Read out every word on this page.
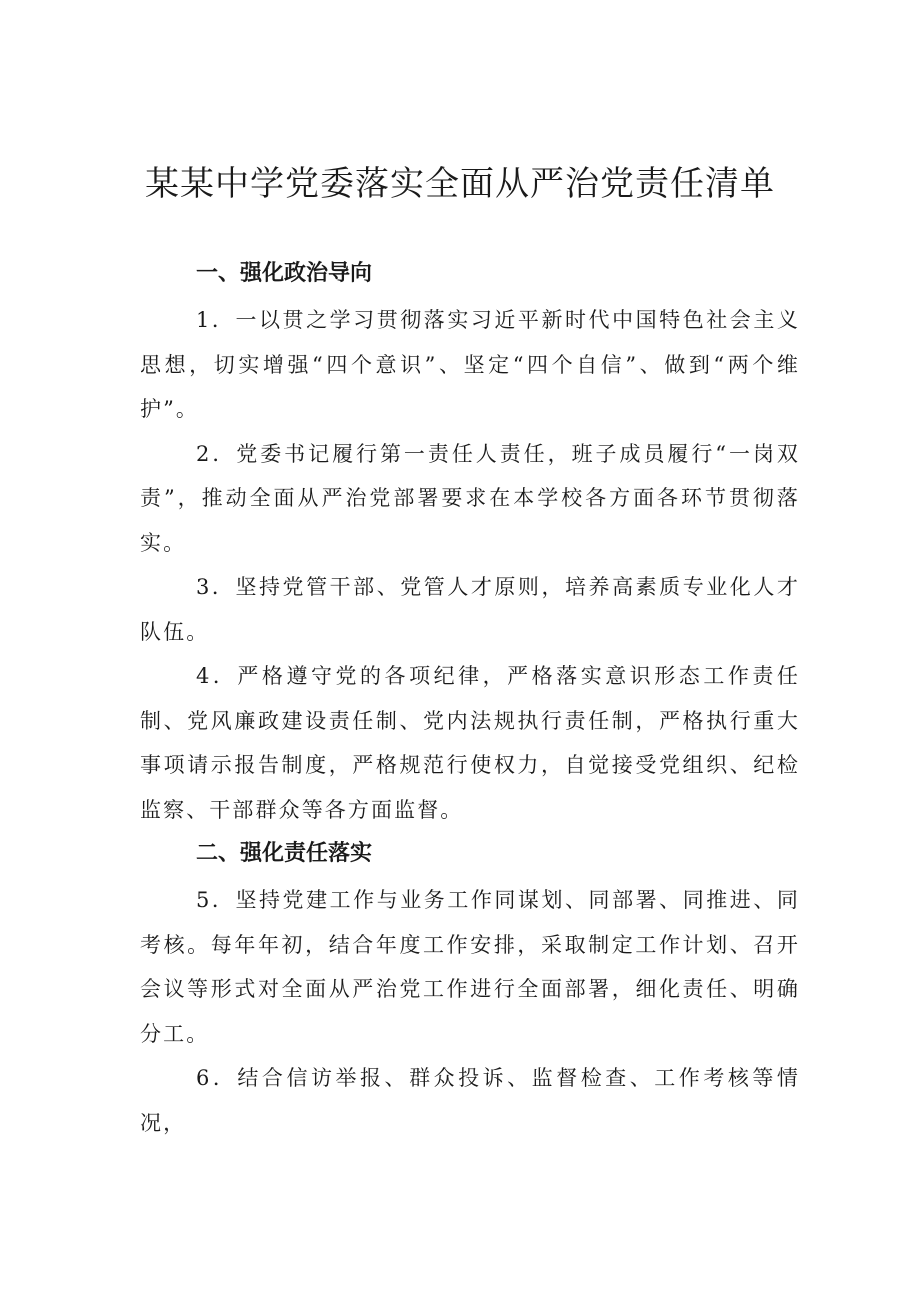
某某中学党委落实全面从严治党责任清单

一、强化政治导向

1．一以贯之学习贯彻落实习近平新时代中国特色社会主义思想，切实增强“四个意识”、坚定“四个自信”、做到“两个维护”。

2．党委书记履行第一责任人责任，班子成员履行“一岗双责”，推动全面从严治党部署要求在本学校各方面各环节贯彻落实。

3．坚持党管干部、党管人才原则，培养高素质专业化人才队伍。

4．严格遵守党的各项纪律，严格落实意识形态工作责任制、党风廉政建设责任制、党内法规执行责任制，严格执行重大事项请示报告制度，严格规范行使权力，自觉接受党组织、纪检监察、干部群众等各方面监督。

二、强化责任落实

5．坚持党建工作与业务工作同谋划、同部署、同推进、同考核。每年年初，结合年度工作安排，采取制定工作计划、召开会议等形式对全面从严治党工作进行全面部署，细化责任、明确分工。

6．结合信访举报、群众投诉、监督检查、工作考核等情况，
